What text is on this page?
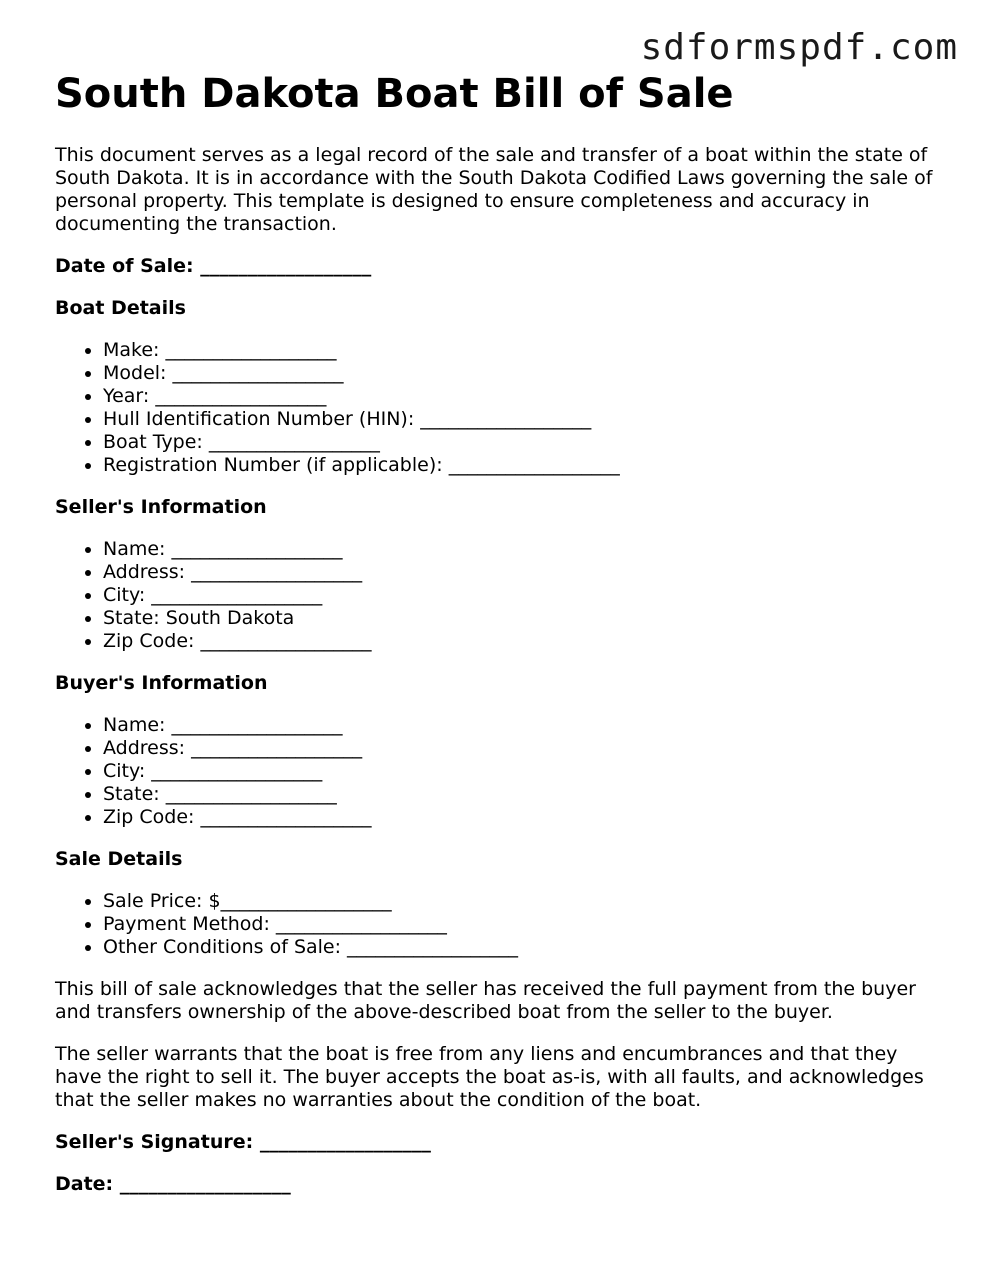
sdformspdf.com
South Dakota Boat Bill of Sale

This document serves as a legal record of the sale and transfer of a boat within the state of South Dakota. It is in accordance with the South Dakota Codified Laws governing the sale of personal property. This template is designed to ensure completeness and accuracy in documenting the transaction.

Date of Sale: __________________
Boat Details
• Make: __________________
• Model: __________________
• Year: __________________
• Hull Identification Number (HIN): __________________
• Boat Type: __________________
• Registration Number (if applicable): __________________
Seller's Information
• Name: __________________
• Address: __________________
• City: __________________
• State: South Dakota
• Zip Code: __________________
Buyer's Information
• Name: __________________
• Address: __________________
• City: __________________
• State: __________________
• Zip Code: __________________
Sale Details
• Sale Price: $__________________
• Payment Method: __________________
• Other Conditions of Sale: __________________

This bill of sale acknowledges that the seller has received the full payment from the buyer and transfers ownership of the above-described boat from the seller to the buyer.

The seller warrants that the boat is free from any liens and encumbrances and that they have the right to sell it. The buyer accepts the boat as-is, with all faults, and acknowledges that the seller makes no warranties about the condition of the boat.

Seller's Signature: __________________
Date: __________________
